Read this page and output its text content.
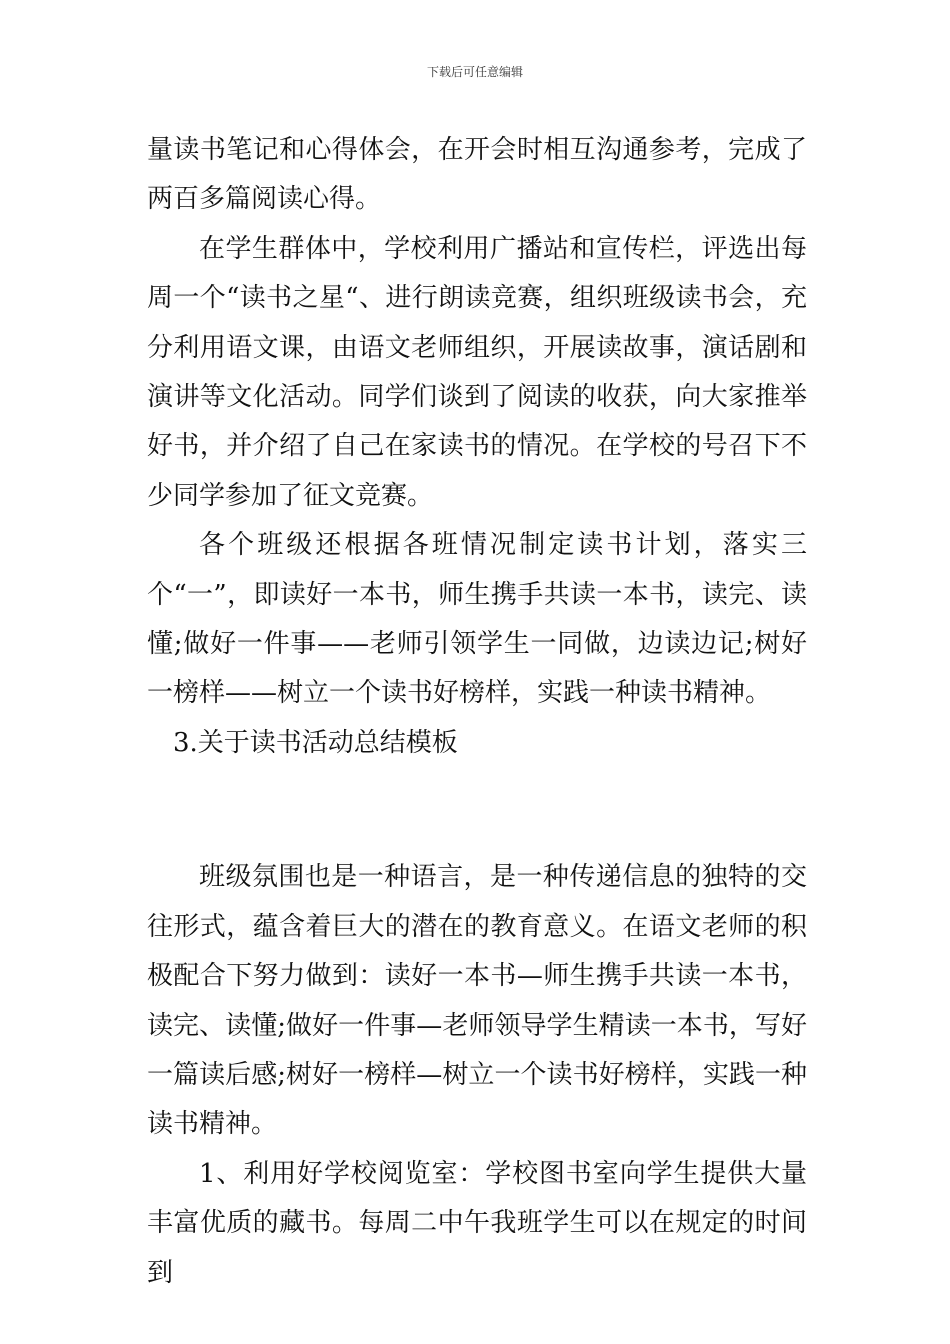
下载后可任意编辑

量读书笔记和心得体会，在开会时相互沟通参考，完成了两百多篇阅读心得。

在学生群体中，学校利用广播站和宣传栏，评选出每周一个“读书之星“、进行朗读竞赛，组织班级读书会，充分利用语文课，由语文老师组织，开展读故事，演话剧和演讲等文化活动。同学们谈到了阅读的收获，向大家推举好书，并介绍了自己在家读书的情况。在学校的号召下不少同学参加了征文竞赛。

各个班级还根据各班情况制定读书计划，落实三个“一”，即读好一本书，师生携手共读一本书，读完、读懂;做好一件事——老师引领学生一同做，边读边记;树好一榜样——树立一个读书好榜样，实践一种读书精神。

3.关于读书活动总结模板

班级氛围也是一种语言，是一种传递信息的独特的交往形式，蕴含着巨大的潜在的教育意义。在语文老师的积极配合下努力做到：读好一本书—师生携手共读一本书，读完、读懂;做好一件事—老师领导学生精读一本书，写好一篇读后感;树好一榜样—树立一个读书好榜样，实践一种读书精神。

1、利用好学校阅览室：学校图书室向学生提供大量丰富优质的藏书。每周二中午我班学生可以在规定的时间到
